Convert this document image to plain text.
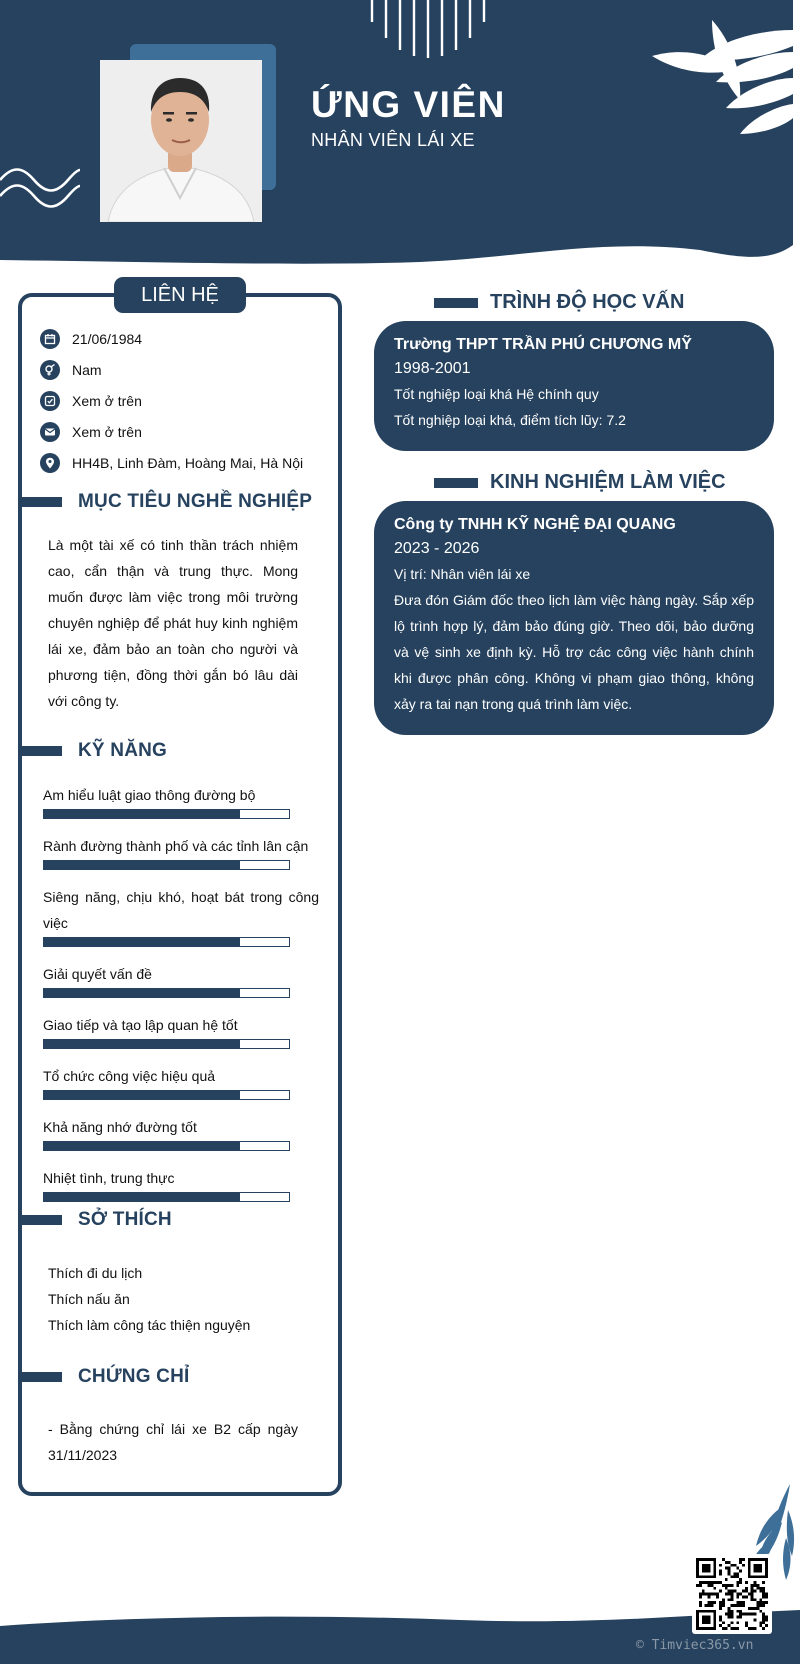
ỨNG VIÊN
NHÂN VIÊN LÁI XE
LIÊN HỆ
21/06/1984
Nam
Xem ở trên
Xem ở trên
HH4B, Linh Đàm, Hoàng Mai, Hà Nội
MỤC TIÊU NGHỀ NGHIỆP
Là một tài xế có tinh thần trách nhiệm cao, cẩn thận và trung thực. Mong muốn được làm việc trong môi trường chuyên nghiệp để phát huy kinh nghiệm lái xe, đảm bảo an toàn cho người và phương tiện, đồng thời gắn bó lâu dài với công ty.
KỸ NĂNG
Am hiểu luật giao thông đường bộ
Rành đường thành phố và các tỉnh lân cận
Siêng năng, chịu khó, hoạt bát trong công việc
Giải quyết vấn đề
Giao tiếp và tạo lập quan hệ tốt
Tổ chức công việc hiệu quả
Khả năng nhớ đường tốt
Nhiệt tình, trung thực
SỞ THÍCH
Thích đi du lịch
Thích nấu ăn
Thích làm công tác thiện nguyện
CHỨNG CHỈ
- Bằng chứng chỉ lái xe B2 cấp ngày 31/11/2023
TRÌNH ĐỘ HỌC VẤN
Trường THPT TRẦN PHÚ CHƯƠNG MỸ
1998-2001
Tốt nghiệp loại khá Hệ chính quy
Tốt nghiệp loại khá, điểm tích lũy: 7.2
KINH NGHIỆM LÀM VIỆC
Công ty TNHH KỸ NGHỆ ĐẠI QUANG
2023 - 2026
Vị trí: Nhân viên lái xe
Đưa đón Giám đốc theo lịch làm việc hàng ngày. Sắp xếp lộ trình hợp lý, đảm bảo đúng giờ. Theo dõi, bảo dưỡng và vệ sinh xe định kỳ. Hỗ trợ các công việc hành chính khi được phân công. Không vi phạm giao thông, không xảy ra tai nạn trong quá trình làm việc.
© Timviec365.vn
